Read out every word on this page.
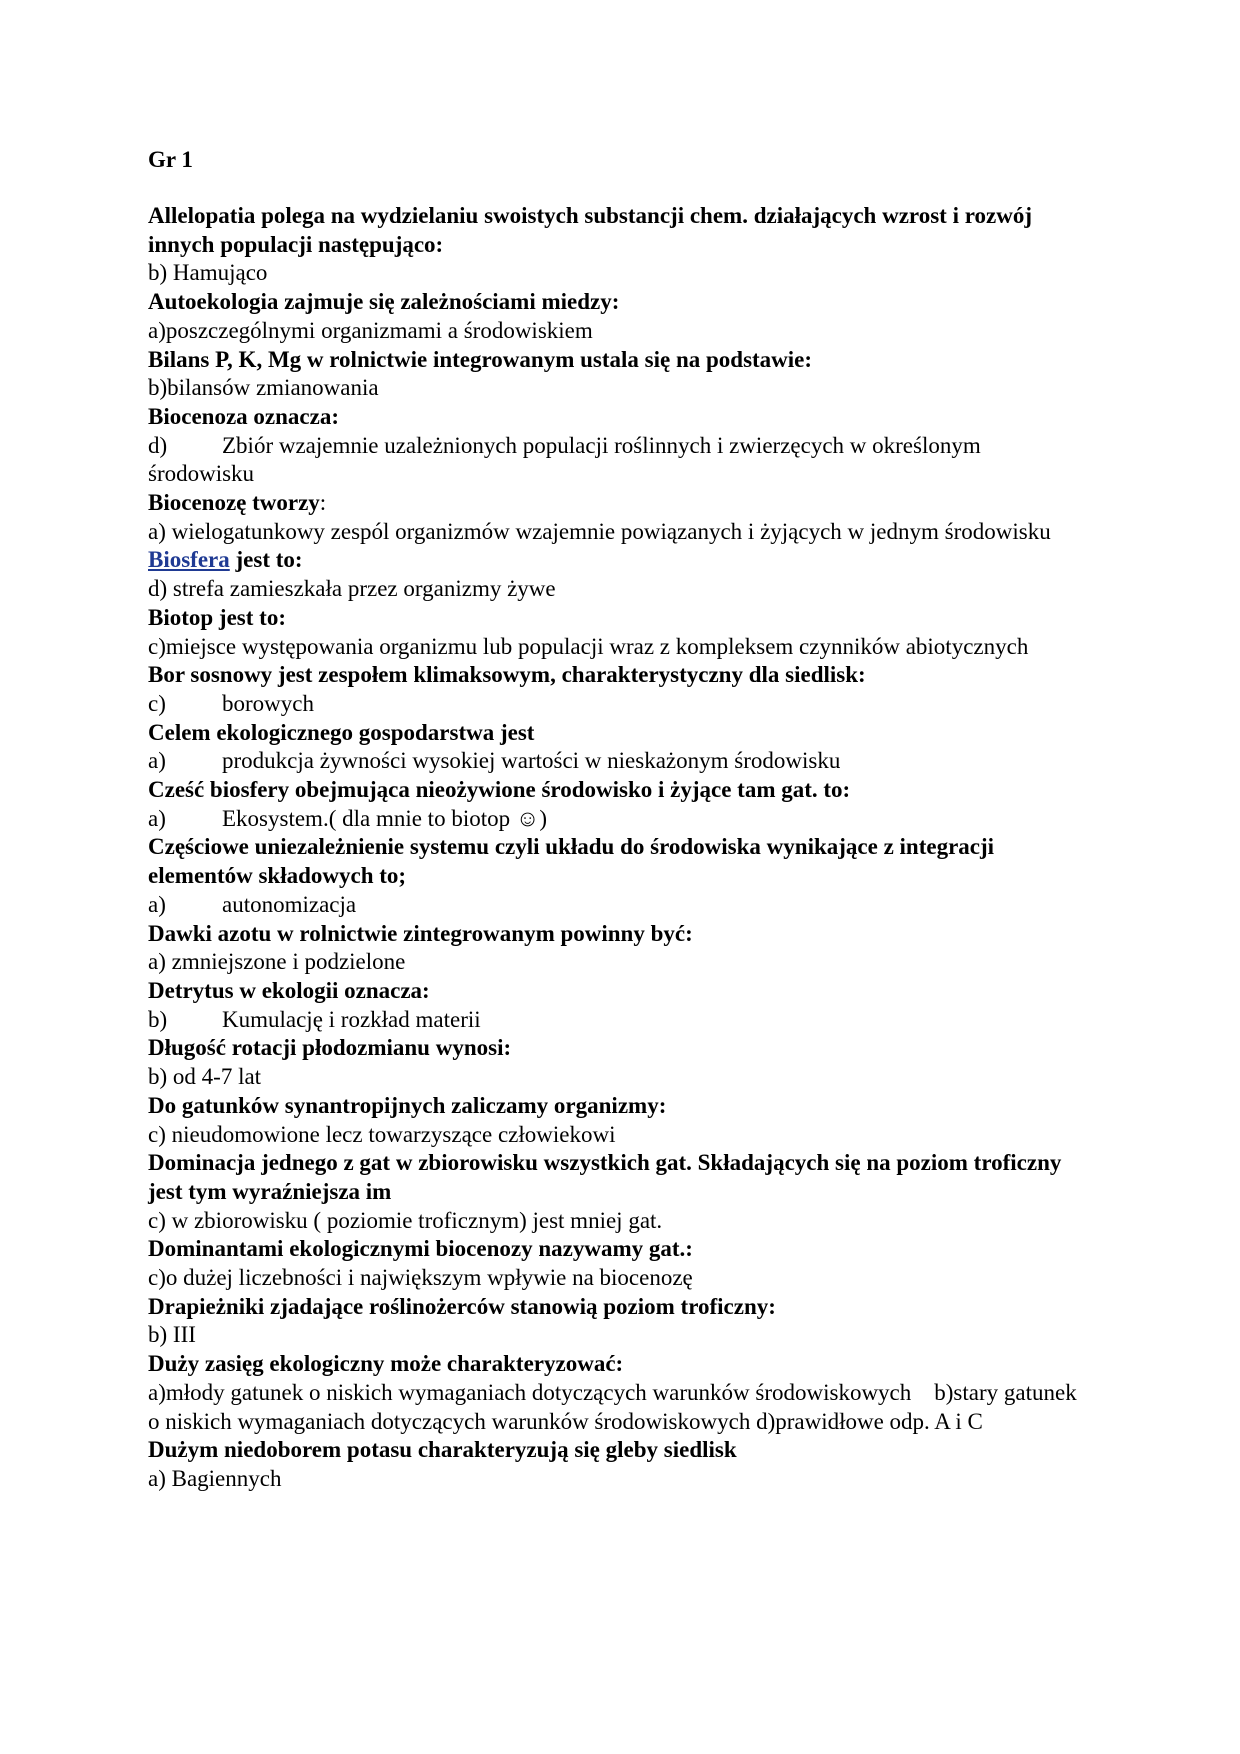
Gr 1

Allelopatia polega na wydzielaniu swoistych substancji chem. działających wzrost i rozwój innych populacji następująco:

b) Hamująco

Autoekologia zajmuje się zależnościami miedzy:

a)poszczególnymi organizmami a środowiskiem

Bilans P, K, Mg w rolnictwie integrowanym ustala się na podstawie:

b)bilansów zmianowania

Biocenoza oznacza:

d) Zbiór wzajemnie uzależnionych populacji roślinnych i zwierzęcych w określonym środowisku

Biocenozę tworzy:

a) wielogatunkowy zespól organizmów wzajemnie powiązanych i żyjących w jednym środowisku

Biosfera jest to:

d) strefa zamieszkała przez organizmy żywe

Biotop jest to:

c)miejsce występowania organizmu lub populacji wraz z kompleksem czynników abiotycznych

Bor sosnowy jest zespołem klimaksowym, charakterystyczny dla siedlisk:

c) borowych

Celem ekologicznego gospodarstwa jest

a) produkcja żywności wysokiej wartości w nieskażonym środowisku

Cześć biosfery obejmująca nieożywione środowisko i żyjące tam gat. to:

a) Ekosystem.( dla mnie to biotop ☺)

Częściowe uniezależnienie systemu czyli układu do środowiska wynikające z integracji elementów składowych to;

a) autonomizacja

Dawki azotu w rolnictwie zintegrowanym powinny być:

a) zmniejszone i podzielone

Detrytus w ekologii oznacza:

b) Kumulację i rozkład materii

Długość rotacji płodozmianu wynosi:

b) od 4-7 lat

Do gatunków synantropijnych zaliczamy organizmy:

c) nieudomowione lecz towarzyszące człowiekowi

Dominacja jednego z gat w zbiorowisku wszystkich gat. Składających się na poziom troficzny jest tym wyraźniejsza im

c) w zbiorowisku ( poziomie troficznym) jest mniej gat.

Dominantami ekologicznymi biocenozy nazywamy gat.:

c)o dużej liczebności i największym wpływie na biocenozę

Drapieżniki zjadające roślinożerców stanowią poziom troficzny:

b) III

Duży zasięg ekologiczny może charakteryzować:

a)młody gatunek o niskich wymaganiach dotyczących warunków środowiskowych    b)stary gatunek o niskich wymaganiach dotyczących warunków środowiskowych d)prawidłowe odp. A i C

Dużym niedoborem potasu charakteryzują się gleby siedlisk

a) Bagiennych
